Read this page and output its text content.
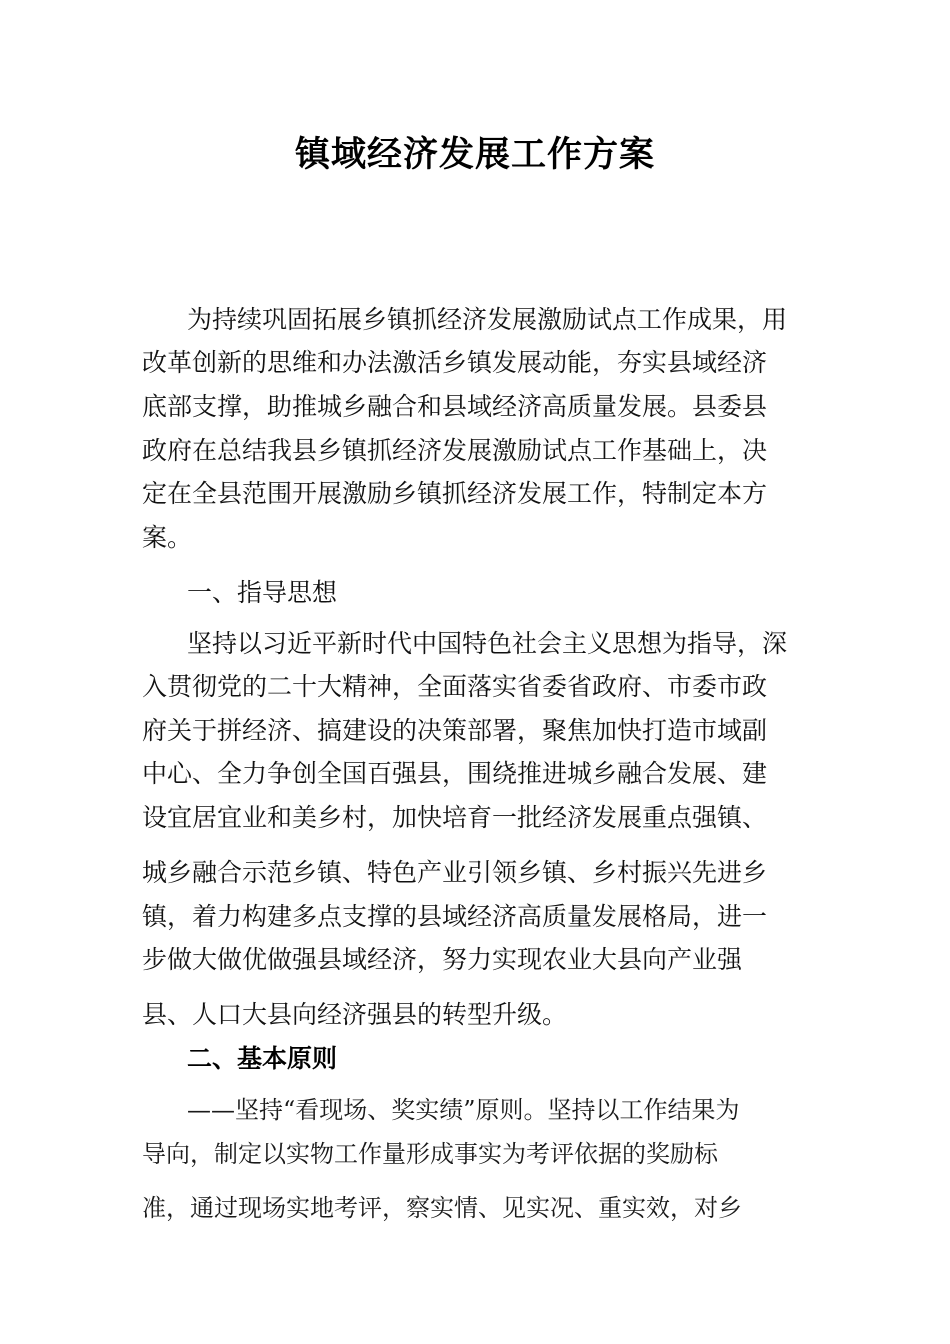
镇域经济发展工作方案
为持续巩固拓展乡镇抓经济发展激励试点工作成果，用
改革创新的思维和办法激活乡镇发展动能，夯实县域经济
底部支撑，助推城乡融合和县域经济高质量发展。县委县
政府在总结我县乡镇抓经济发展激励试点工作基础上，决
定在全县范围开展激励乡镇抓经济发展工作，特制定本方
案。
一、指导思想
坚持以习近平新时代中国特色社会主义思想为指导，深
入贯彻党的二十大精神，全面落实省委省政府、市委市政
府关于拼经济、搞建设的决策部署，聚焦加快打造市域副
中心、全力争创全国百强县，围绕推进城乡融合发展、建
设宜居宜业和美乡村，加快培育一批经济发展重点强镇、
城乡融合示范乡镇、特色产业引领乡镇、乡村振兴先进乡
镇，着力构建多点支撑的县域经济高质量发展格局，进一
步做大做优做强县域经济，努力实现农业大县向产业强
县、人口大县向经济强县的转型升级。
二、基本原则
——坚持“看现场、奖实绩”原则。坚持以工作结果为
导向，制定以实物工作量形成事实为考评依据的奖励标
准，通过现场实地考评，察实情、见实况、重实效，对乡
